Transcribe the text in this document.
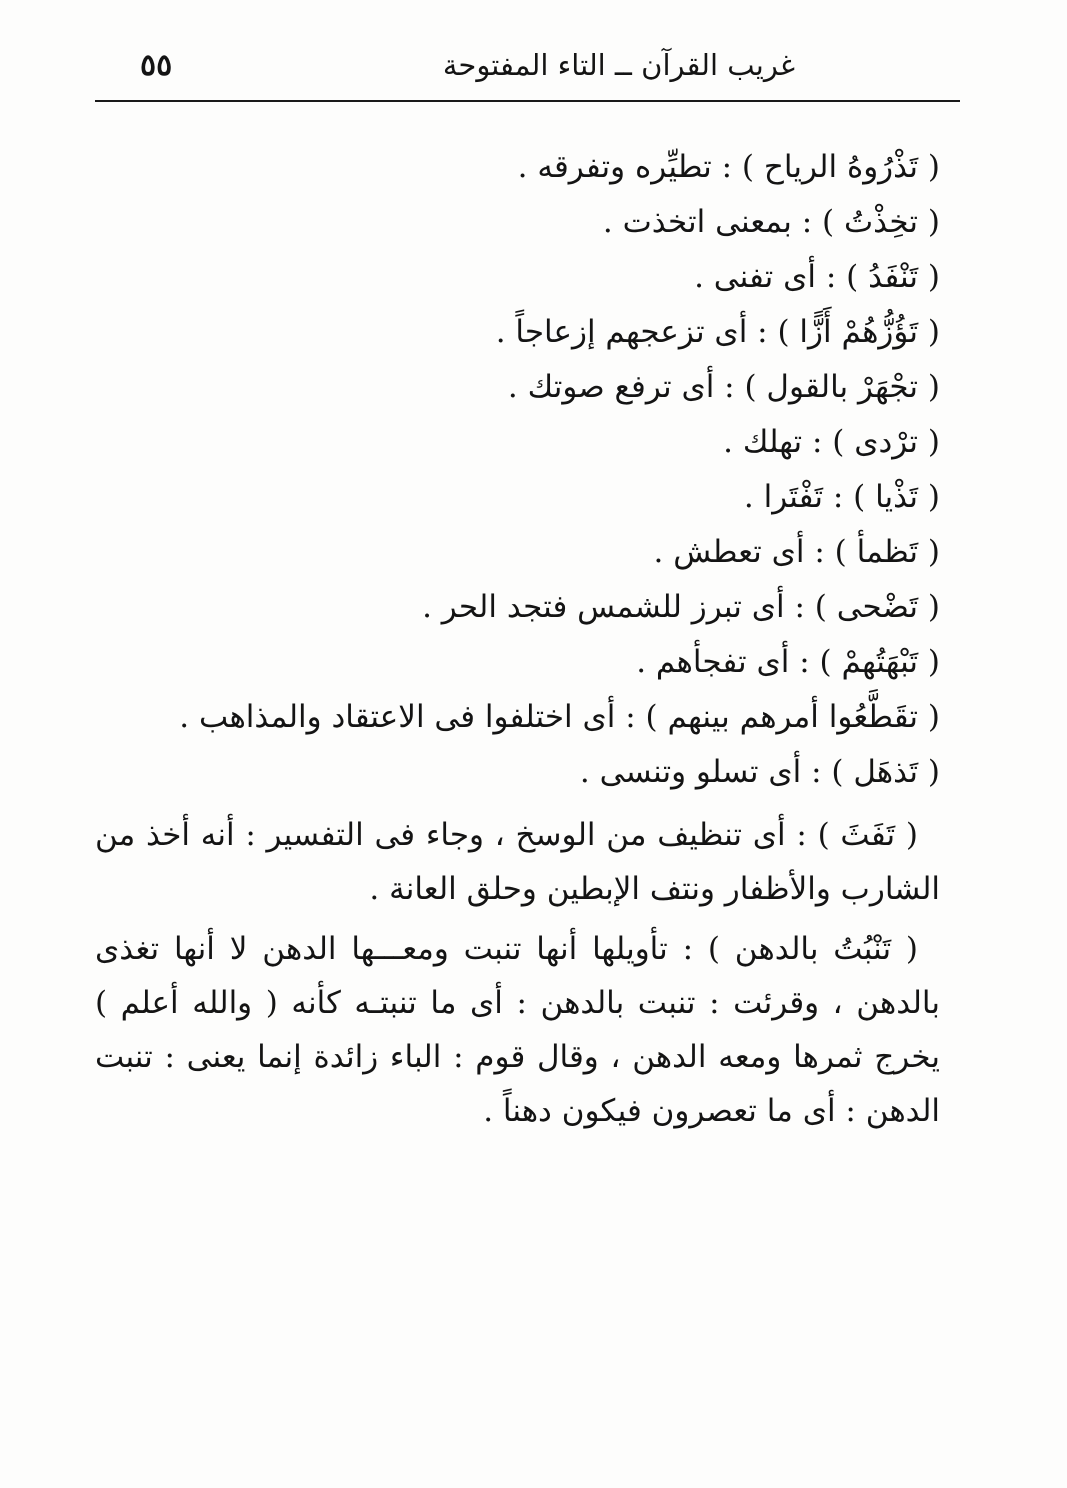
٥٥	غريب القرآن ــ التاء المفتوحة

( تَذْرُوهُ الرياح ) : تطيِّره وتفرقه .

( تخِذْتُ ) : بمعنى اتخذت .

( تَنْفَدُ ) : أى تفنى .

( تَؤُزُّهُمْ أَزًّا ) : أى تزعجهم إزعاجاً .

( تجْهَرْ بالقول ) : أى ترفع صوتك .

( ترْدى ) : تهلك .

( تَذْيا ) : تَفْتَرا .

( تَظمأ ) : أى تعطش .

( تَضْحى ) : أى تبرز للشمس فتجد الحر .

( تَبْهَتُهمْ ) : أى تفجأهم .

( تقَطَّعُوا أمرهم بينهم ) : أى اختلفوا فى الاعتقاد والمذاهب .

( تَذهَل ) : أى تسلو وتنسى .

( تَفَثَ ) : أى تنظيف من الوسخ ، وجاء فى التفسير : أنه أخذ من الشارب والأظفار ونتف الإبطين وحلق العانة .

( تَنْبُتُ بالدهن ) : تأويلها أنها تنبت ومعـــها الدهن لا أنها تغذى بالدهن ، وقرئت : تنبت بالدهن : أى ما تنبتـه كأنه ( والله أعلم ) يخرج ثمرها ومعه الدهن ، وقال قوم : الباء زائدة إنما يعنى : تنبت الدهن : أى ما تعصرون فيكون دهناً .
